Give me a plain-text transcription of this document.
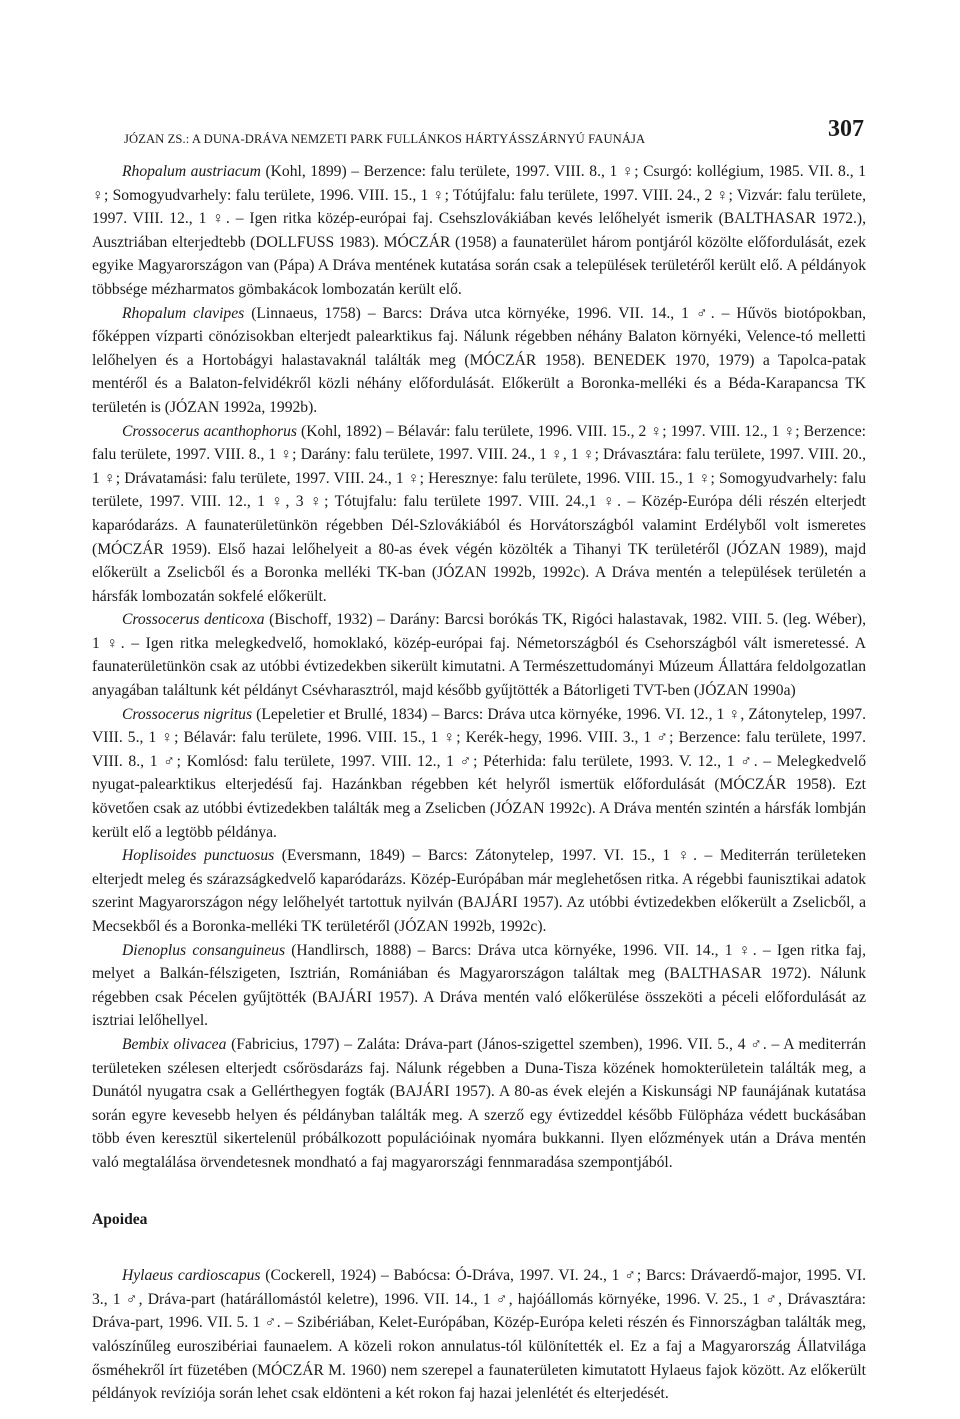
JÓZAN ZS.: A DUNA-DRÁVA NEMZETI PARK FULLÁNKOS HÁRTYÁSSZÁRNYÚ FAUNÁJA	307

Rhopalum austriacum (Kohl, 1899) – Berzence: falu területe, 1997. VIII. 8., 1 ♀; Csurgó: kollégium, 1985. VII. 8., 1 ♀; Somogyudvarhely: falu területe, 1996. VIII. 15., 1 ♀; Tótújfalu: falu területe, 1997. VIII. 24., 2 ♀; Vizvár: falu területe, 1997. VIII. 12., 1 ♀. – Igen ritka közép-európai faj. Csehszlovákiában kevés lelőhelyét ismerik (BALTHASAR 1972.), Ausztriában elterjedtebb (DOLLFUSS 1983). MÓCZÁR (1958) a faunaterület három pontjáról közölte előfordulását, ezek egyike Magyarországon van (Pápa) A Dráva mentének kutatása során csak a települések területéről került elő. A példányok többsége mézharmatos gömbakácok lombozatán került elő.

Rhopalum clavipes (Linnaeus, 1758) – Barcs: Dráva utca környéke, 1996. VII. 14., 1 ♂. – Hűvös biotópokban, főképpen vízparti cönózisokban elterjedt palearktikus faj. Nálunk régebben néhány Balaton környéki, Velence-tó melletti lelőhelyen és a Hortobágyi halastavaknál találták meg (MÓCZÁR 1958). BENEDEK 1970, 1979) a Tapolca-patak mentéről és a Balaton-felvidékről közli néhány előfordulását. Előkerült a Boronka-melléki és a Béda-Karapancsa TK területén is (JÓZAN 1992a, 1992b).

Crossocerus acanthophorus (Kohl, 1892) – Bélavár: falu területe, 1996. VIII. 15., 2 ♀; 1997. VIII. 12., 1 ♀; Berzence: falu területe, 1997. VIII. 8., 1 ♀; Darány: falu területe, 1997. VIII. 24., 1 ♀, 1 ♀; Drávasztára: falu területe, 1997. VIII. 20., 1 ♀; Drávatamási: falu területe, 1997. VIII. 24., 1 ♀; Heresznye: falu területe, 1996. VIII. 15., 1 ♀; Somogyudvarhely: falu területe, 1997. VIII. 12., 1 ♀, 3 ♀; Tótujfalu: falu területe 1997. VIII. 24.,1 ♀. – Közép-Európa déli részén elterjedt kaparódarázs. A faunaterületünkön régebben Dél-Szlovákiából és Horvátországból valamint Erdélyből volt ismeretes (MÓCZÁR 1959). Első hazai lelőhelyeit a 80-as évek végén közölték a Tihanyi TK területéről (JÓZAN 1989), majd előkerült a Zselicből és a Boronka melléki TK-ban (JÓZAN 1992b, 1992c). A Dráva mentén a települések területén a hársfák lombozatán sokfelé előkerült.

Crossocerus denticoxa (Bischoff, 1932) – Darány: Barcsi borókás TK, Rigóci halastavak, 1982. VIII. 5. (leg. Wéber), 1 ♀. – Igen ritka melegkedvelő, homoklakó, közép-európai faj. Németországból és Csehországból vált ismeretessé. A faunaterületünkön csak az utóbbi évtizedekben sikerült kimutatni. A Természettudományi Múzeum Állattára feldolgozatlan anyagában találtunk két példányt Csévharasztról, majd később gyűjtötték a Bátorligeti TVT-ben (JÓZAN 1990a)

Crossocerus nigritus (Lepeletier et Brullé, 1834) – Barcs: Dráva utca környéke, 1996. VI. 12., 1 ♀, Zátonytelep, 1997. VIII. 5., 1 ♀; Bélavár: falu területe, 1996. VIII. 15., 1 ♀; Kerék-hegy, 1996. VIII. 3., 1 ♂; Berzence: falu területe, 1997. VIII. 8., 1 ♂; Komlósd: falu területe, 1997. VIII. 12., 1 ♂; Péterhida: falu területe, 1993. V. 12., 1 ♂. – Melegkedvelő nyugat-palearktikus elterjedésű faj. Hazánkban régebben két helyről ismertük előfordulását (MÓCZÁR 1958). Ezt követően csak az utóbbi évtizedekben találták meg a Zselicben (JÓZAN 1992c). A Dráva mentén szintén a hársfák lombján került elő a legtöbb példánya.

Hoplisoides punctuosus (Eversmann, 1849) – Barcs: Zátonytelep, 1997. VI. 15., 1 ♀. – Mediterrán területeken elterjedt meleg és szárazságkedvelő kaparódarázs. Közép-Európában már meglehetősen ritka. A régebbi faunisztikai adatok szerint Magyarországon négy lelőhelyét tartottuk nyilván (BAJÁRI 1957). Az utóbbi évtizedekben előkerült a Zselicből, a Mecsekből és a Boronka-melléki TK területéről (JÓZAN 1992b, 1992c).

Dienoplus consanguineus (Handlirsch, 1888) – Barcs: Dráva utca környéke, 1996. VII. 14., 1 ♀. – Igen ritka faj, melyet a Balkán-félszigeten, Isztrián, Romániában és Magyarországon találtak meg (BALTHASAR 1972). Nálunk régebben csak Pécelen gyűjtötték (BAJÁRI 1957). A Dráva mentén való előkerülése összeköti a péceli előfordulását az isztriai lelőhellyel.

Bembix olivacea (Fabricius, 1797) – Zaláta: Dráva-part (János-szigettel szemben), 1996. VII. 5., 4 ♂. – A mediterrán területeken szélesen elterjedt csőrösdarázs faj. Nálunk régebben a Duna-Tisza közének homokterületein találták meg, a Dunától nyugatra csak a Gellérthegyen fogták (BAJÁRI 1957). A 80-as évek elején a Kiskunsági NP faunájának kutatása során egyre kevesebb helyen és példányban találták meg. A szerző egy évtizeddel később Fülöpháza védett buckásában több éven keresztül sikertelenül próbálkozott populációinak nyomára bukkanni. Ilyen előzmények után a Dráva mentén való megtalálása örvendetesnek mondható a faj magyarországi fennmaradása szempontjából.

Apoidea

Hylaeus cardioscapus (Cockerell, 1924) – Babócsa: Ó-Dráva, 1997. VI. 24., 1 ♂; Barcs: Drávaerdő-major, 1995. VI. 3., 1 ♂, Dráva-part (határállomástól keletre), 1996. VII. 14., 1 ♂, hajóállomás környéke, 1996. V. 25., 1 ♂, Drávasztára: Dráva-part, 1996. VII. 5. 1 ♂. – Szibériában, Kelet-Európában, Közép-Európa keleti részén és Finnországban találták meg, valószínűleg euroszibériai faunaelem. A közeli rokon annulatus-tól különítették el. Ez a faj a Magyarország Állatvilága ősméhekről írt füzetében (MÓCZÁR M. 1960) nem szerepel a faunaterületen kimutatott Hylaeus fajok között. Az előkerült példányok revíziója során lehet csak eldönteni a két rokon faj hazai jelenlétét és elterjedését.
